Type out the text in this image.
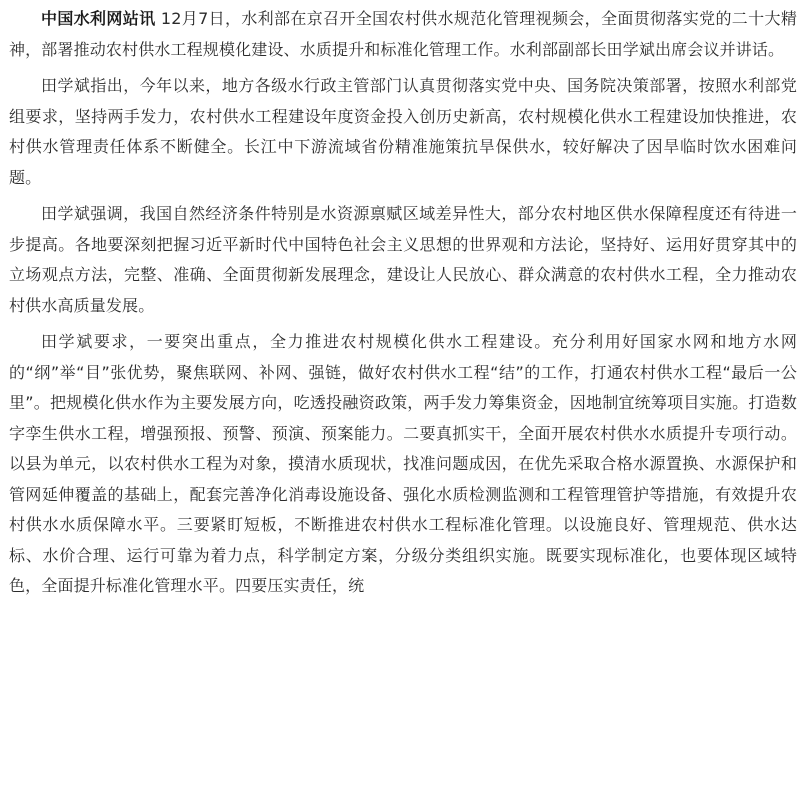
中国水利网站讯 12月7日，水利部在京召开全国农村供水规范化管理视频会，全面贯彻落实党的二十大精神，部署推动农村供水工程规模化建设、水质提升和标准化管理工作。水利部副部长田学斌出席会议并讲话。

田学斌指出，今年以来，地方各级水行政主管部门认真贯彻落实党中央、国务院决策部署，按照水利部党组要求，坚持两手发力，农村供水工程建设年度资金投入创历史新高，农村规模化供水工程建设加快推进，农村供水管理责任体系不断健全。长江中下游流域省份精准施策抗旱保供水，较好解决了因旱临时饮水困难问题。

田学斌强调，我国自然经济条件特别是水资源禀赋区域差异性大，部分农村地区供水保障程度还有待进一步提高。各地要深刻把握习近平新时代中国特色社会主义思想的世界观和方法论，坚持好、运用好贯穿其中的立场观点方法，完整、准确、全面贯彻新发展理念，建设让人民放心、群众满意的农村供水工程，全力推动农村供水高质量发展。

田学斌要求，一要突出重点，全力推进农村规模化供水工程建设。充分利用好国家水网和地方水网的“纲”举“目”张优势，聚焦联网、补网、强链，做好农村供水工程“结”的工作，打通农村供水工程“最后一公里”。把规模化供水作为主要发展方向，吃透投融资政策，两手发力筹集资金，因地制宜统筹项目实施。打造数字孪生供水工程，增强预报、预警、预演、预案能力。二要真抓实干，全面开展农村供水水质提升专项行动。以县为单元，以农村供水工程为对象，摸清水质现状，找准问题成因，在优先采取合格水源置换、水源保护和管网延伸覆盖的基础上，配套完善净化消毒设施设备、强化水质检测监测和工程管理管护等措施，有效提升农村供水水质保障水平。三要紧盯短板，不断推进农村供水工程标准化管理。以设施良好、管理规范、供水达标、水价合理、运行可靠为着力点，科学制定方案，分级分类组织实施。既要实现标准化，也要体现区域特色，全面提升标准化管理水平。四要压实责任，统
